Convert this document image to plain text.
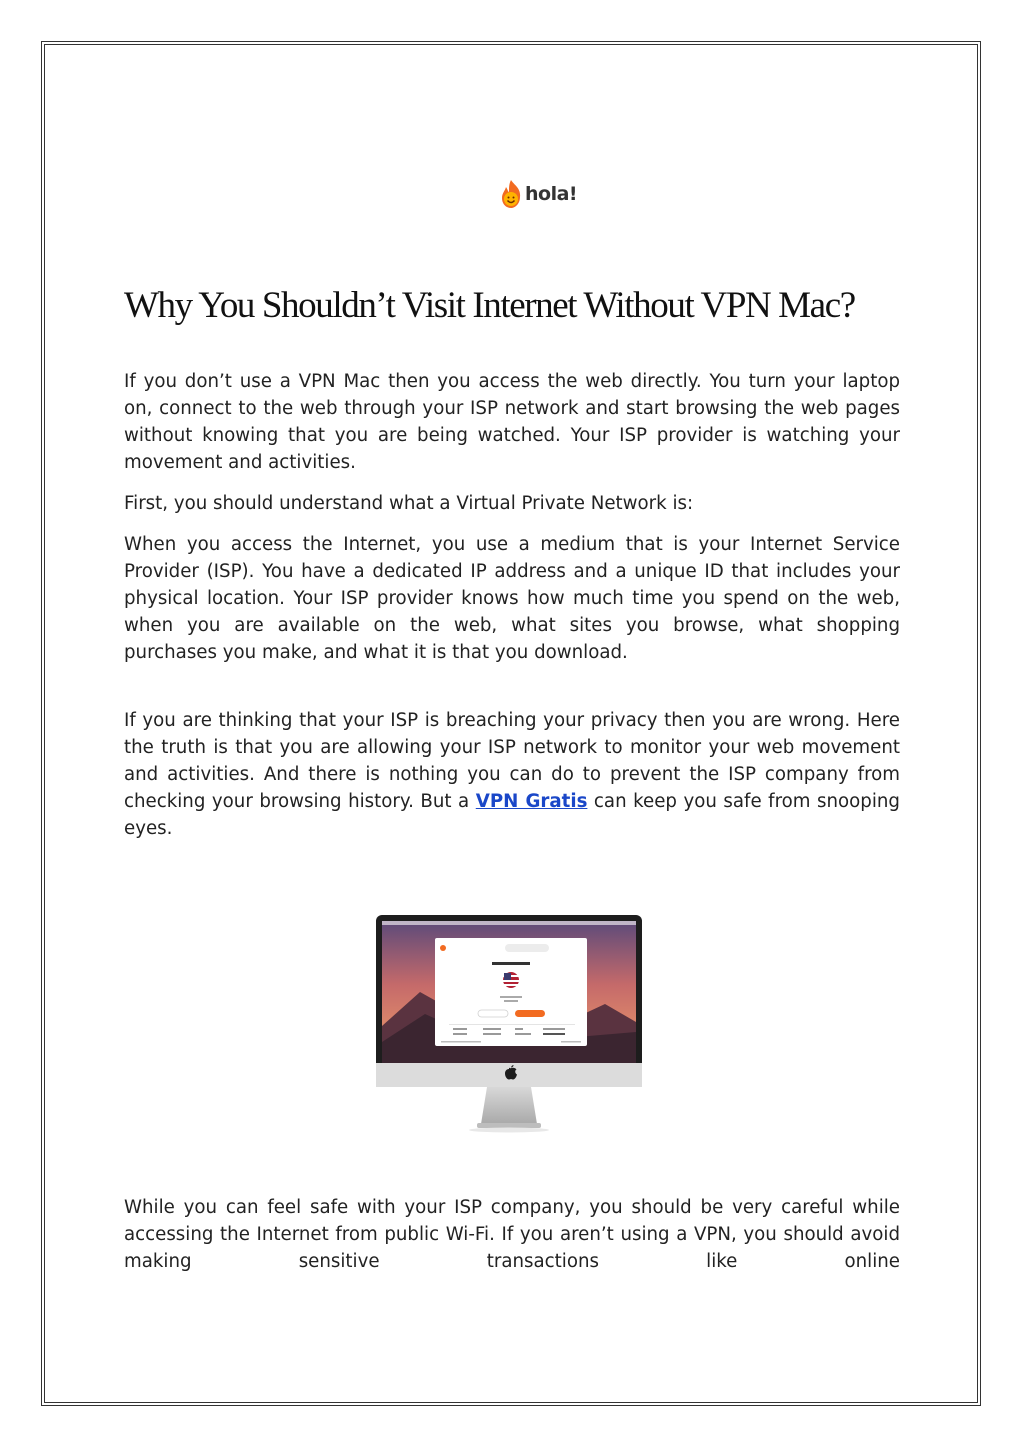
hola!
Why You Shouldn’t Visit Internet Without VPN Mac?

If you don’t use a VPN Mac then you access the web directly. You turn your laptop on, connect to the web through your ISP network and start browsing the web pages without knowing that you are being watched. Your ISP provider is watching your movement and activities.

First, you should understand what a Virtual Private Network is:

When you access the Internet, you use a medium that is your Internet Service Provider (ISP). You have a dedicated IP address and a unique ID that includes your physical location. Your ISP provider knows how much time you spend on the web, when you are available on the web, what sites you browse, what shopping purchases you make, and what it is that you download.

If you are thinking that your ISP is breaching your privacy then you are wrong. Here the truth is that you are allowing your ISP network to monitor your web movement and activities. And there is nothing you can do to prevent the ISP company from checking your browsing history. But a VPN Gratis can keep you safe from snooping eyes.

While you can feel safe with your ISP company, you should be very careful while accessing the Internet from public Wi-Fi. If you aren’t using a VPN, you should avoid making sensitive transactions like online
